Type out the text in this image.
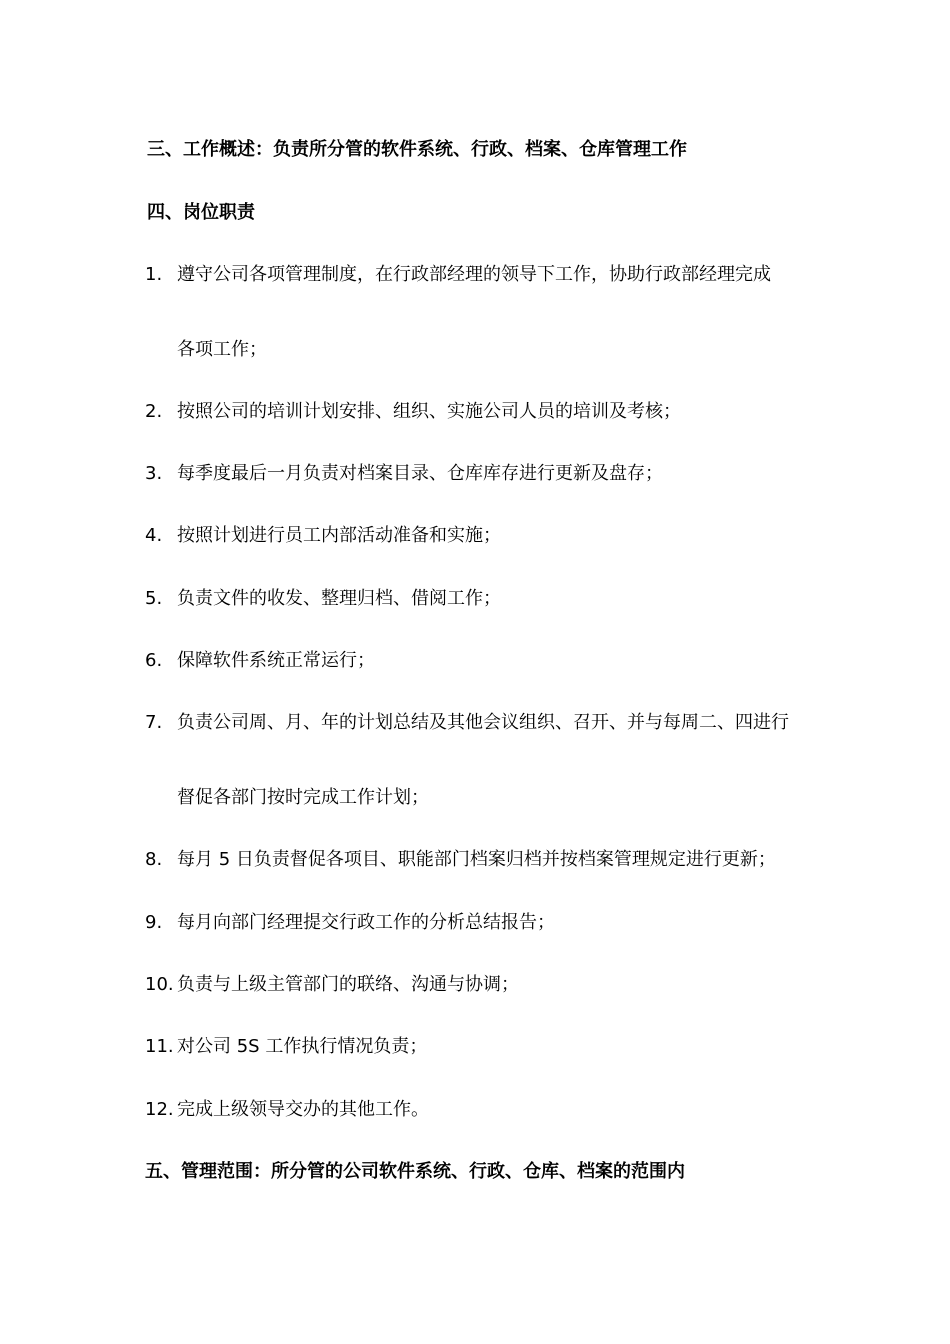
三、工作概述：负责所分管的软件系统、行政、档案、仓库管理工作
四、岗位职责
1. 遵守公司各项管理制度，在行政部经理的领导下工作，协助行政部经理完成
各项工作；
2. 按照公司的培训计划安排、组织、实施公司人员的培训及考核；
3. 每季度最后一月负责对档案目录、仓库库存进行更新及盘存；
4. 按照计划进行员工内部活动准备和实施；
5. 负责文件的收发、整理归档、借阅工作；
6. 保障软件系统正常运行；
7. 负责公司周、月、年的计划总结及其他会议组织、召开、并与每周二、四进行
督促各部门按时完成工作计划；
8. 每月 5 日负责督促各项目、职能部门档案归档并按档案管理规定进行更新；
9. 每月向部门经理提交行政工作的分析总结报告；
10. 负责与上级主管部门的联络、沟通与协调；
11. 对公司 5S 工作执行情况负责；
12. 完成上级领导交办的其他工作。
五、管理范围：所分管的公司软件系统、行政、仓库、档案的范围内
